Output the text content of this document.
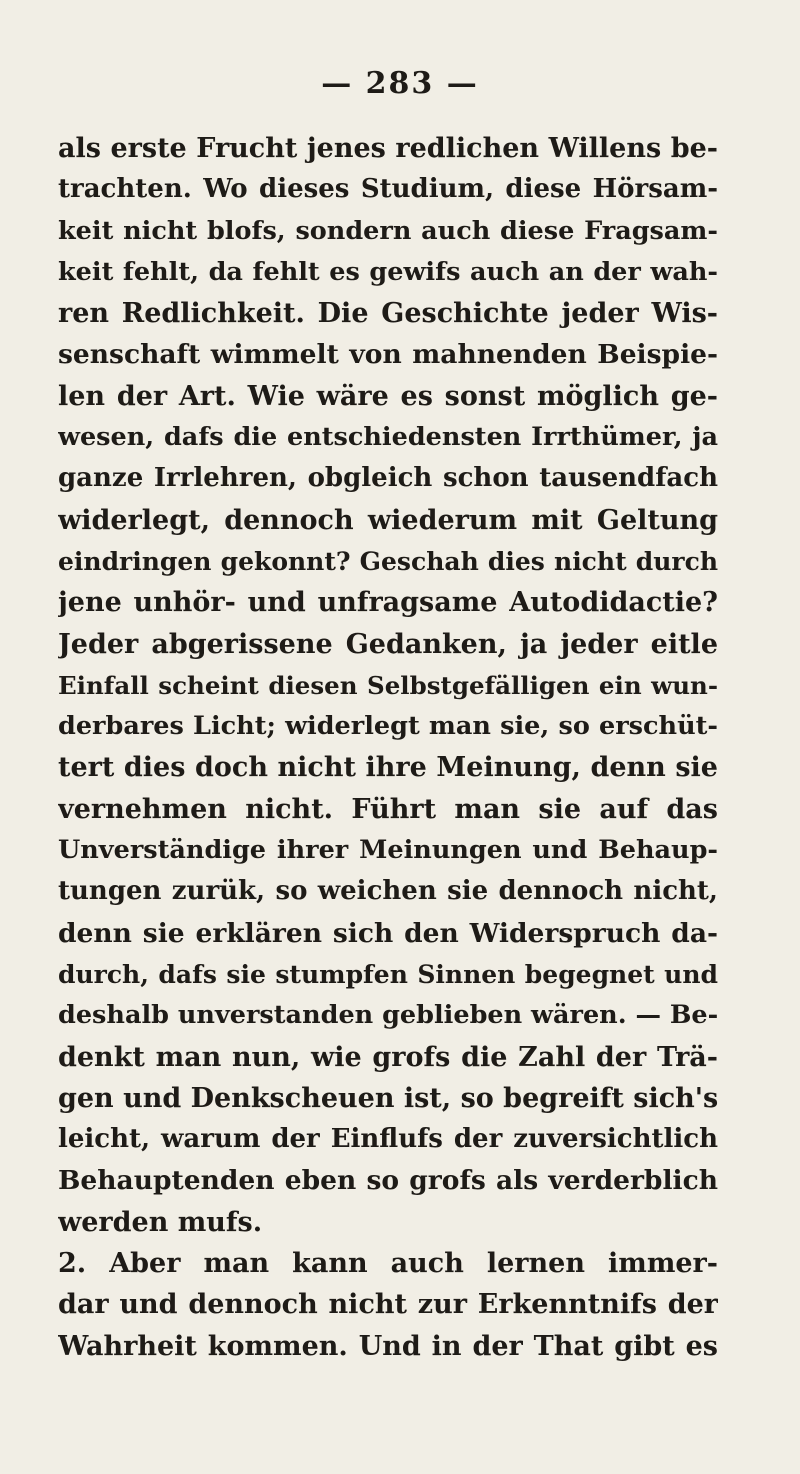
— 283 —

als erste Frucht jenes redlichen Willens be-
trachten. Wo dieses Studium, diese Hörsam-
keit nicht blofs, sondern auch diese Fragsam-
keit fehlt, da fehlt es gewifs auch an der wah-
ren Redlichkeit. Die Geschichte jeder Wis-
senschaft wimmelt von mahnenden Beispie-
len der Art. Wie wäre es sonst möglich ge-
wesen, dafs die entschiedensten Irrthümer, ja
ganze Irrlehren, obgleich schon tausendfach
widerlegt, dennoch wiederum mit Geltung
eindringen gekonnt? Geschah dies nicht durch
jene unhör- und unfragsame Autodidactie?
Jeder abgerissene Gedanken, ja jeder eitle
Einfall scheint diesen Selbstgefälligen ein wun-
derbares Licht; widerlegt man sie, so erschüt-
tert dies doch nicht ihre Meinung, denn sie
vernehmen nicht. Führt man sie auf das
Unverständige ihrer Meinungen und Behaup-
tungen zurük, so weichen sie dennoch nicht,
denn sie erklären sich den Widerspruch da-
durch, dafs sie stumpfen Sinnen begegnet und
deshalb unverstanden geblieben wären. — Be-
denkt man nun, wie grofs die Zahl der Trä-
gen und Denkscheuen ist, so begreift sich's
leicht, warum der Einflufs der zuversichtlich
Behauptenden eben so grofs als verderblich
werden mufs.
2. Aber man kann auch lernen immer-
dar und dennoch nicht zur Erkenntnifs der
Wahrheit kommen. Und in der That gibt es
